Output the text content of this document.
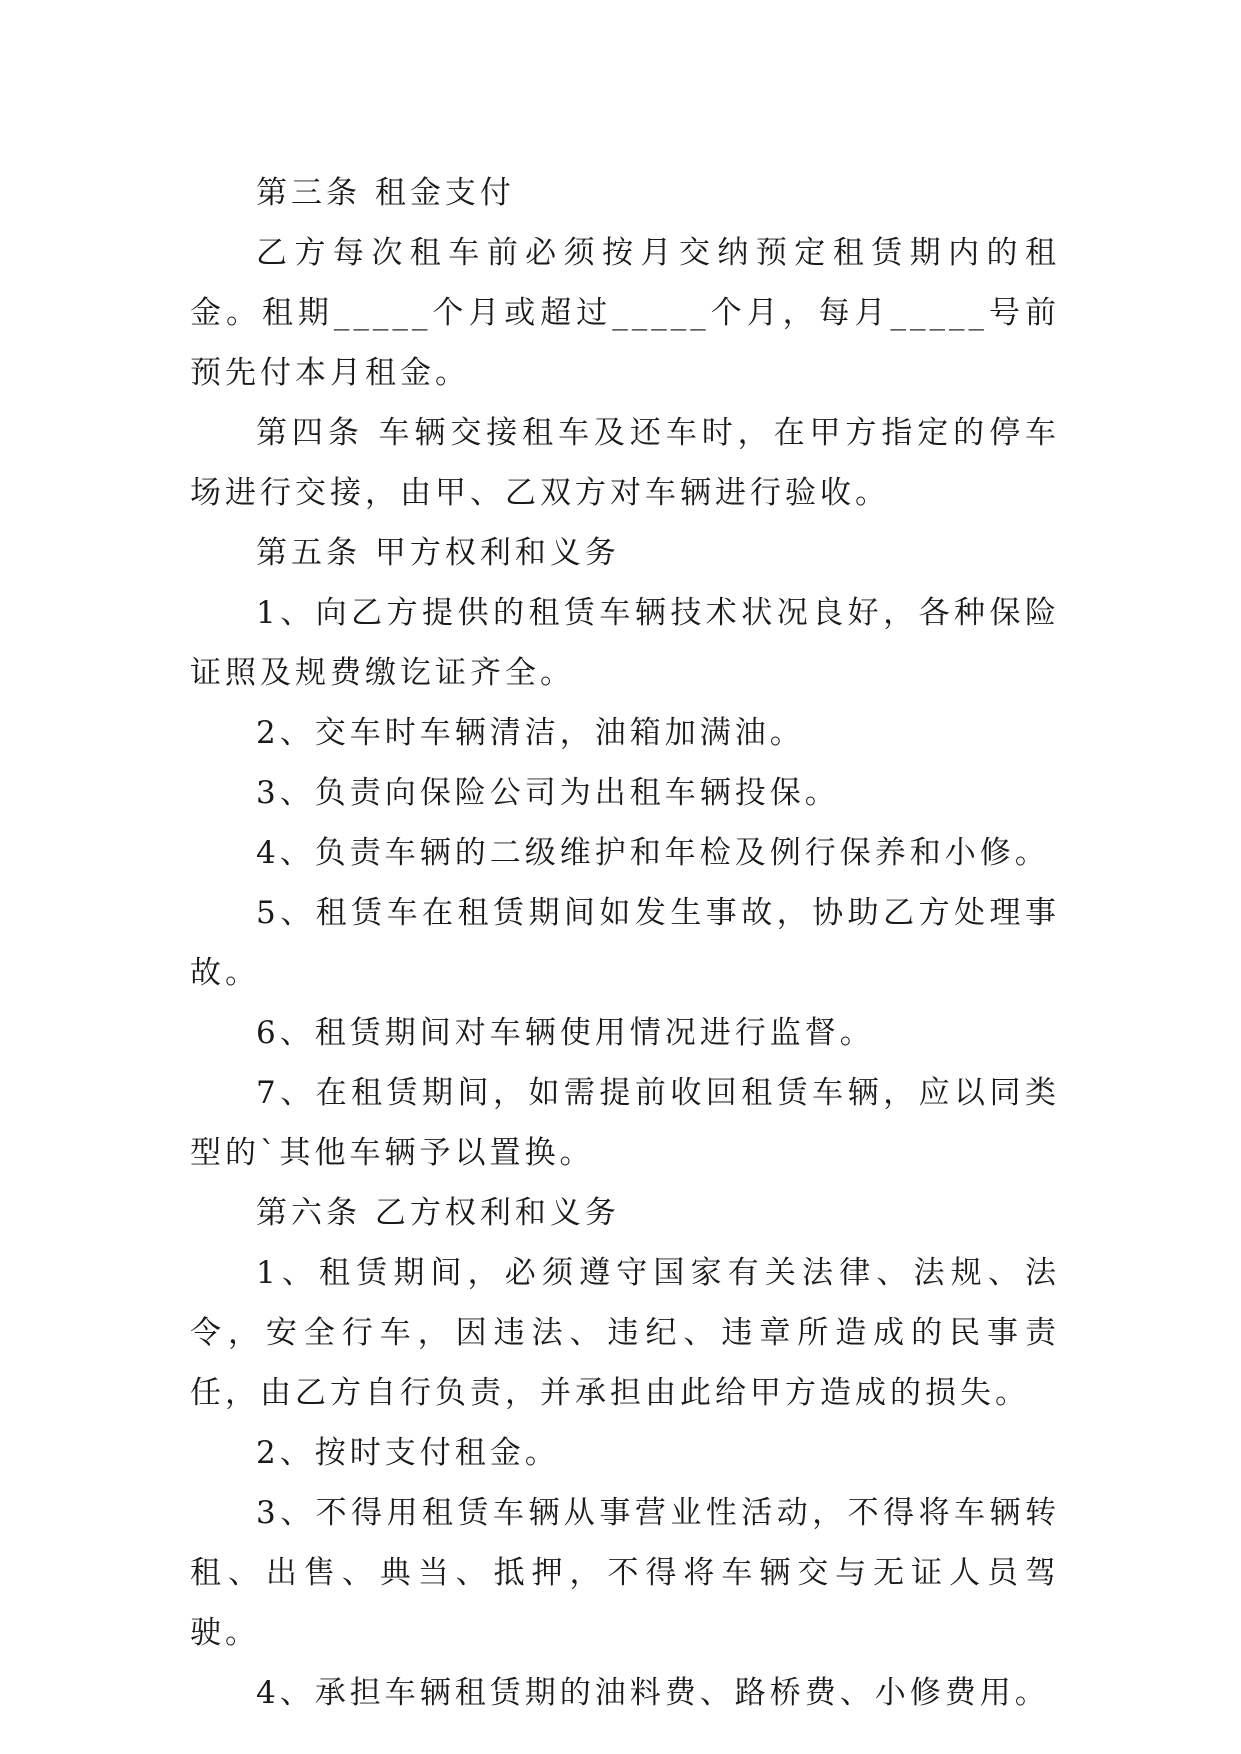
第三条 租金支付

乙方每次租车前必须按月交纳预定租赁期内的租金。租期_____个月或超过_____个月，每月_____号前预先付本月租金。

第四条 车辆交接租车及还车时，在甲方指定的停车场进行交接，由甲、乙双方对车辆进行验收。

第五条 甲方权利和义务

1、向乙方提供的租赁车辆技术状况良好，各种保险证照及规费缴讫证齐全。

2、交车时车辆清洁，油箱加满油。

3、负责向保险公司为出租车辆投保。

4、负责车辆的二级维护和年检及例行保养和小修。

5、租赁车在租赁期间如发生事故，协助乙方处理事故。

6、租赁期间对车辆使用情况进行监督。

7、在租赁期间，如需提前收回租赁车辆，应以同类型的`其他车辆予以置换。

第六条 乙方权利和义务

1、租赁期间，必须遵守国家有关法律、法规、法令，安全行车，因违法、违纪、违章所造成的民事责任，由乙方自行负责，并承担由此给甲方造成的损失。

2、按时支付租金。

3、不得用租赁车辆从事营业性活动，不得将车辆转租、出售、典当、抵押，不得将车辆交与无证人员驾驶。

4、承担车辆租赁期的油料费、路桥费、小修费用。
